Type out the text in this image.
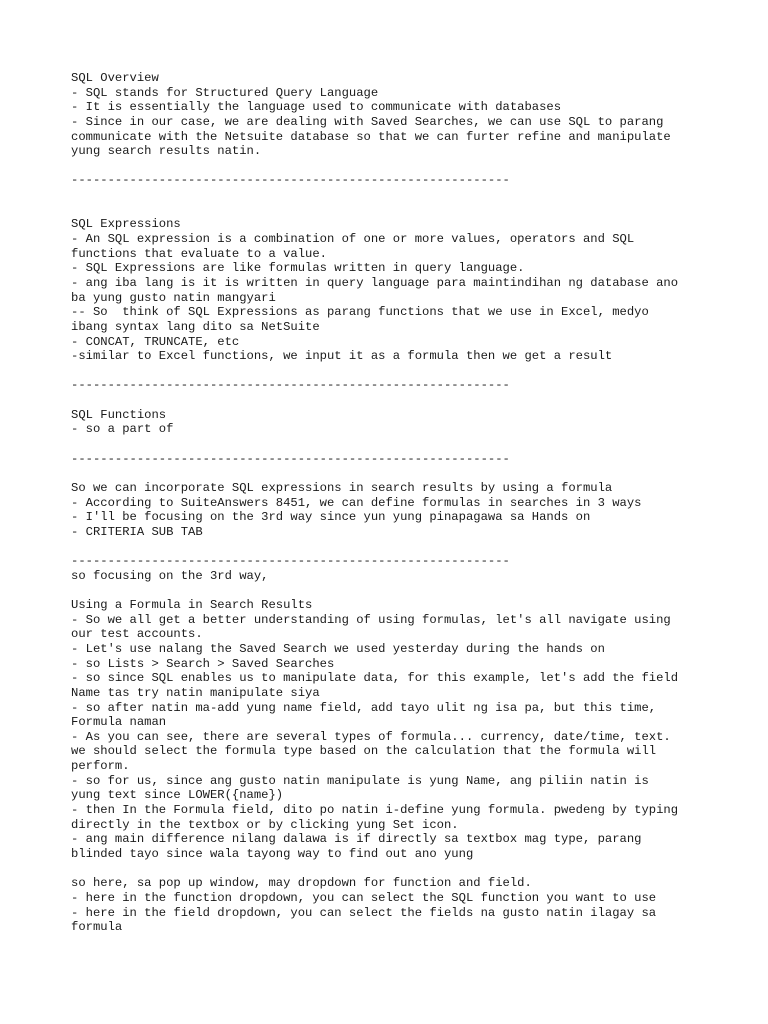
SQL Overview
- SQL stands for Structured Query Language
- It is essentially the language used to communicate with databases
- Since in our case, we are dealing with Saved Searches, we can use SQL to parang
communicate with the Netsuite database so that we can furter refine and manipulate
yung search results natin.
------------------------------------------------------------
SQL Expressions
- An SQL expression is a combination of one or more values, operators and SQL
functions that evaluate to a value.
- SQL Expressions are like formulas written in query language.
- ang iba lang is it is written in query language para maintindihan ng database ano
ba yung gusto natin mangyari
-- So  think of SQL Expressions as parang functions that we use in Excel, medyo
ibang syntax lang dito sa NetSuite
- CONCAT, TRUNCATE, etc
-similar to Excel functions, we input it as a formula then we get a result
------------------------------------------------------------
SQL Functions
- so a part of
------------------------------------------------------------
So we can incorporate SQL expressions in search results by using a formula
- According to SuiteAnswers 8451, we can define formulas in searches in 3 ways
- I'll be focusing on the 3rd way since yun yung pinapagawa sa Hands on
- CRITERIA SUB TAB
------------------------------------------------------------
so focusing on the 3rd way,
Using a Formula in Search Results
- So we all get a better understanding of using formulas, let's all navigate using
our test accounts.
- Let's use nalang the Saved Search we used yesterday during the hands on
- so Lists > Search > Saved Searches
- so since SQL enables us to manipulate data, for this example, let's add the field
Name tas try natin manipulate siya
- so after natin ma-add yung name field, add tayo ulit ng isa pa, but this time,
Formula naman
- As you can see, there are several types of formula... currency, date/time, text.
we should select the formula type based on the calculation that the formula will
perform.
- so for us, since ang gusto natin manipulate is yung Name, ang piliin natin is
yung text since LOWER({name})
- then In the Formula field, dito po natin i-define yung formula. pwedeng by typing
directly in the textbox or by clicking yung Set icon.
- ang main difference nilang dalawa is if directly sa textbox mag type, parang
blinded tayo since wala tayong way to find out ano yung
so here, sa pop up window, may dropdown for function and field.
- here in the function dropdown, you can select the SQL function you want to use
- here in the field dropdown, you can select the fields na gusto natin ilagay sa
formula
